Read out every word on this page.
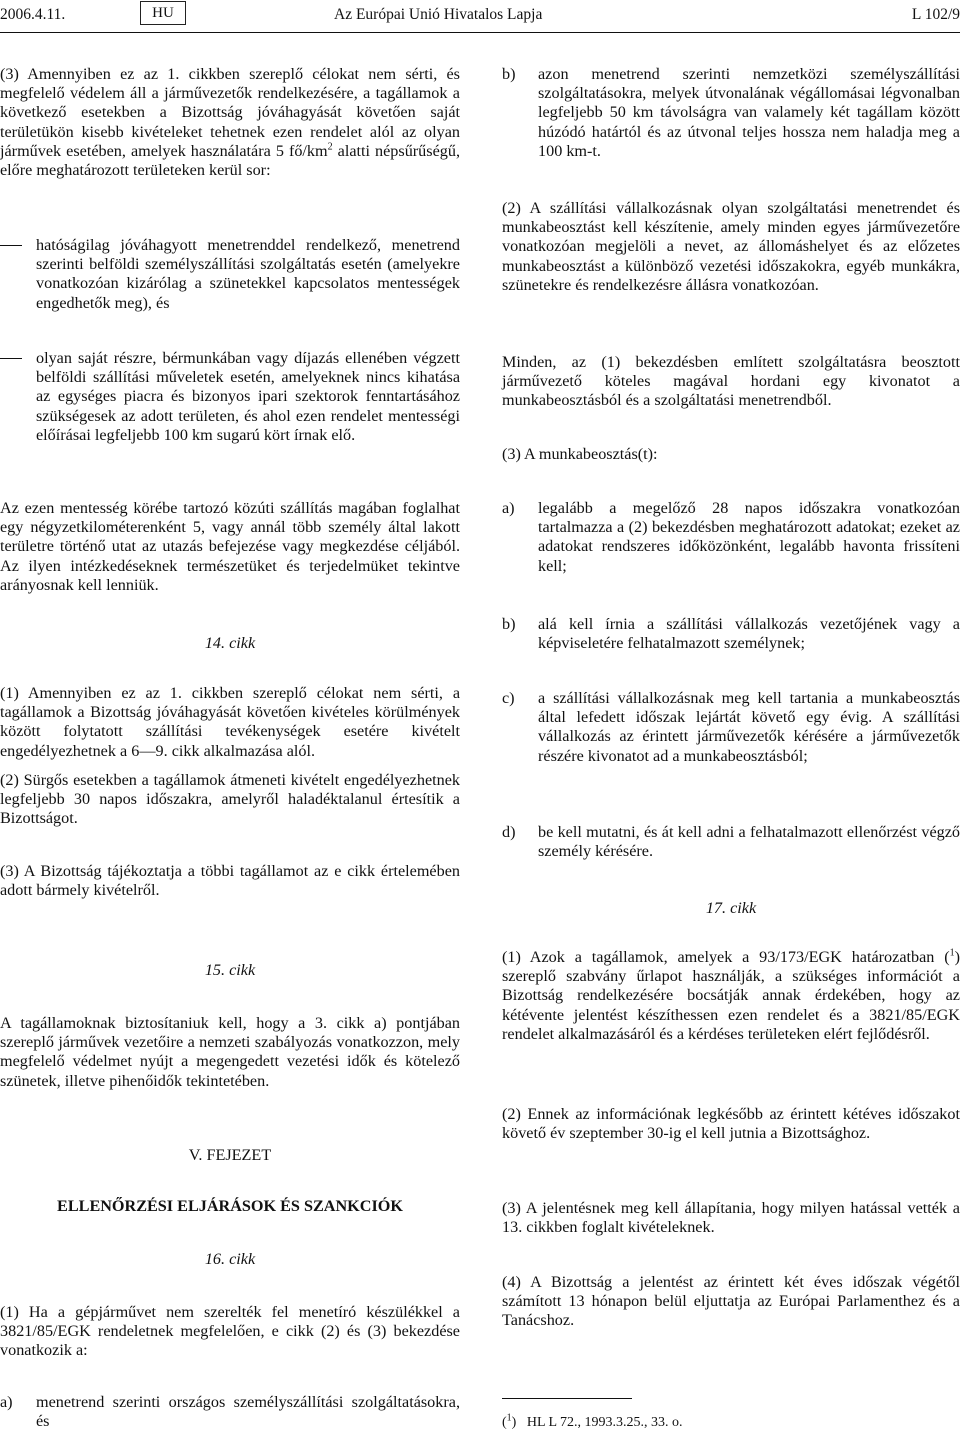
2006.4.11.	HU	Az Európai Unió Hivatalos Lapja	L 102/9

(3) Amennyiben ez az 1. cikkben szereplő célokat nem sérti, és megfelelő védelem áll a járművezetők rendelkezésére, a tagállamok a következő esetekben a Bizottság jóváhagyását követően saját területükön kisebb kivételeket tehetnek ezen rendelet alól az olyan járművek esetében, amelyek használatára 5 $fő/km^2$ alatti népsűrűségű, előre meghatározott területeken kerül sor:

hatóságilag jóváhagyott menetrenddel rendelkező, menetrend szerinti belföldi személyszállítási szolgáltatás esetén (amelyekre vonatkozóan kizárólag a szünetekkel kapcsolatos mentességek engedhetők meg), és

olyan saját részre, bérmunkában vagy díjazás ellenében végzett belföldi szállítási műveletek esetén, amelyeknek nincs kihatása az egységes piacra és bizonyos ipari szektorok fenntartásához szükségesek az adott területen, és ahol ezen rendelet mentességi előírásai legfeljebb 100 km sugarú kört írnak elő.

Az ezen mentesség körébe tartozó közúti szállítás magában foglalhat egy négyzetkilométerenként 5, vagy annál több személy által lakott területre történő utat az utazás befejezése vagy megkezdése céljából. Az ilyen intézkedéseknek természetüket és terjedelmüket tekintve arányosnak kell lenniük.

14. cikk

(1) Amennyiben ez az 1. cikkben szereplő célokat nem sérti, a tagállamok a Bizottság jóváhagyását követően kivételes körülmények között folytatott szállítási tevékenységek esetére kivételt engedélyezhetnek a 6—9. cikk alkalmazása alól.

(2) Sürgős esetekben a tagállamok átmeneti kivételt engedélyezhetnek legfeljebb 30 napos időszakra, amelyről haladéktalanul értesítik a Bizottságot.

(3) A Bizottság tájékoztatja a többi tagállamot az e cikk értelemében adott bármely kivételről.

15. cikk

A tagállamoknak biztosítaniuk kell, hogy a 3. cikk a) pontjában szereplő járművek vezetőire a nemzeti szabályozás vonatkozzon, mely megfelelő védelmet nyújt a megengedett vezetési idők és kötelező szünetek, illetve pihenőidők tekintetében.

V. FEJEZET
ELLENŐRZÉSI ELJÁRÁSOK ÉS SZANKCIÓK
16. cikk

(1) Ha a gépjárművet nem szerelték fel menetíró készülékkel a 3821/85/EGK rendeletnek megfelelően, e cikk (2) és (3) bekezdése vonatkozik a:

a) menetrend szerinti országos személyszállítási szolgáltatásokra, és

b) azon menetrend szerinti nemzetközi személyszállítási szolgáltatásokra, melyek útvonalának végállomásai légvonalban legfeljebb 50 km távolságra van valamely két tagállam között húzódó határtól és az útvonal teljes hossza nem haladja meg a 100 km-t.

(2) A szállítási vállalkozásnak olyan szolgáltatási menetrendet és munkabeosztást kell készítenie, amely minden egyes járművezetőre vonatkozóan megjelöli a nevet, az állomáshelyet és az előzetes munkabeosztást a különböző vezetési időszakokra, egyéb munkákra, szünetekre és rendelkezésre állásra vonatkozóan.

Minden, az (1) bekezdésben említett szolgáltatásra beosztott járművezető köteles magával hordani egy kivonatot a munkabeosztásból és a szolgáltatási menetrendből.

(3) A munkabeosztás(t):

a) legalább a megelőző 28 napos időszakra vonatkozóan tartalmazza a (2) bekezdésben meghatározott adatokat; ezeket az adatokat rendszeres időközönként, legalább havonta frissíteni kell;

b) alá kell írnia a szállítási vállalkozás vezetőjének vagy a képviseletére felhatalmazott személynek;

c) a szállítási vállalkozásnak meg kell tartania a munkabeosztás által lefedett időszak lejártát követő egy évig. A szállítási vállalkozás az érintett járművezetők kérésére a járművezetők részére kivonatot ad a munkabeosztásból;

d) be kell mutatni, és át kell adni a felhatalmazott ellenőrzést végző személy kérésére.

17. cikk

(1) Azok a tagállamok, amelyek a 93/173/EGK határozatban ($^1$) szereplő szabvány űrlapot használják, a szükséges információt a Bizottság rendelkezésére bocsátják annak érdekében, hogy az kétévente jelentést készíthessen ezen rendelet és a 3821/85/EGK rendelet alkalmazásáról és a kérdéses területeken elért fejlődésről.

(2) Ennek az információnak legkésőbb az érintett kétéves időszakot követő év szeptember 30-ig el kell jutnia a Bizottsághoz.

(3) A jelentésnek meg kell állapítania, hogy milyen hatással vették a 13. cikkben foglalt kivételeknek.

(4) A Bizottság a jelentést az érintett két éves időszak végétől számított 13 hónapon belül eljuttatja az Európai Parlamenthez és a Tanácshoz.

($^1$)   HL L 72., 1993.3.25., 33. o.
